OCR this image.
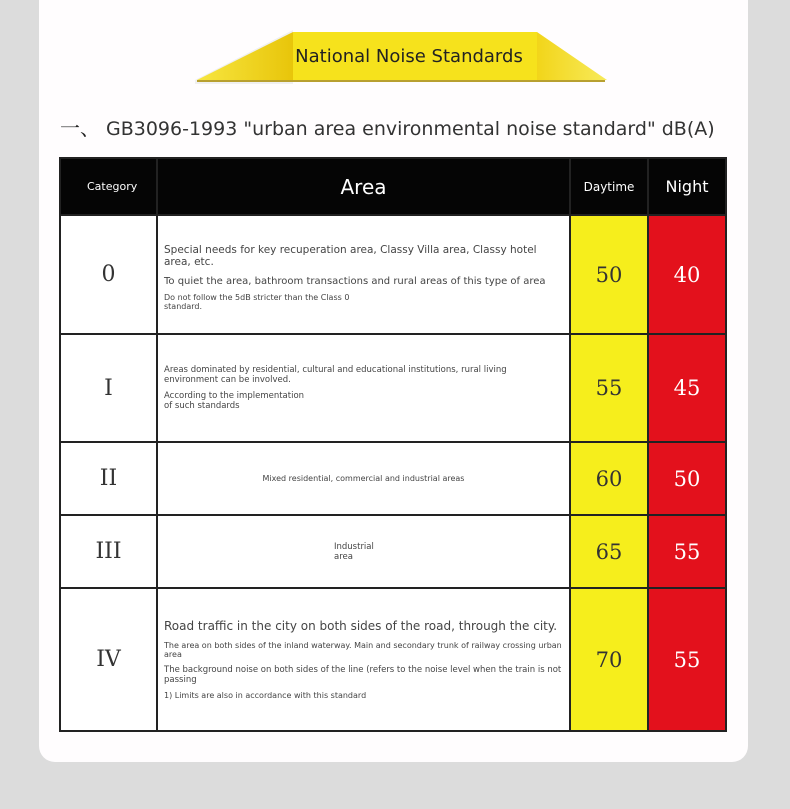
National Noise Standards
一、 GB3096-1993 "urban area environmental noise standard" dB(A)
Category	Area	Daytime	Night
0	Special needs for key recuperation area, Classy Villa area, Classy hotel area, etc.
To quiet the area, bathroom transactions and rural areas of this type of area
Do not follow the 5dB stricter than the Class 0 standard.	50	40
I	Areas dominated by residential, cultural and educational institutions, rural living environment can be involved.
According to the implementation of such standards	55	45
II	Mixed residential, commercial and industrial areas	60	50
III	Industrial area	65	55
IV	Road traffic in the city on both sides of the road, through the city.
The area on both sides of the inland waterway. Main and secondary trunk of railway crossing urban area
The background noise on both sides of the line (refers to the noise level when the train is not passing
1) Limits are also in accordance with this standard	70	55
